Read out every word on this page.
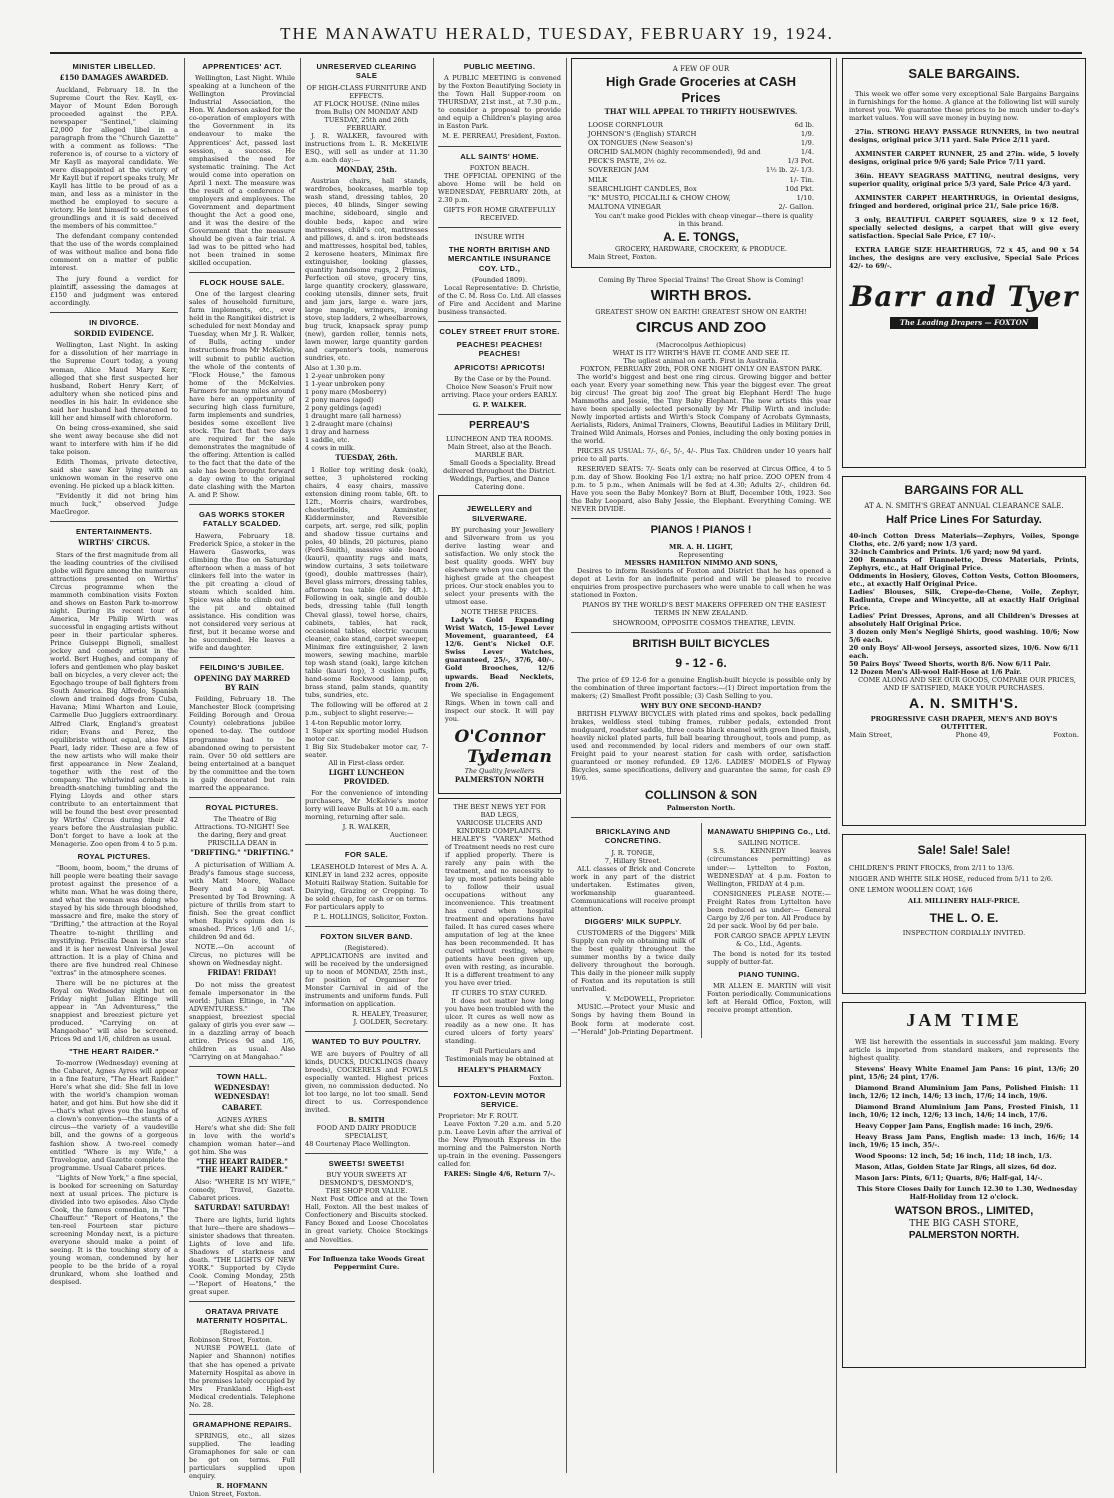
THE MANAWATU HERALD, TUESDAY, FEBRUARY 19, 1924.
MINISTER LIBELLED.
£150 DAMAGES AWARDED.

Auckland, February 18. In the Supreme Court the Rev. Kayll, ex-Mayor of Mount Eden Borough proceeded against the P.P.A. newspaper "Sentinel," claiming £2,000 for alleged libel in a paragraph from the "Church Gazette" with a comment as follows: "The reference is, of course to a victory of Mr Kayll as mayoral candidate. We were disappointed at the victory of Mr Kayll but if report speaks truly, Mr Kayll has little to be proud of as a man, and less as a minister in the method he employed to secure a victory. He lent himself to schemes of groundlings and it is said deceived the members of his committee."

The defendant company contended that the use of the words complained of was without malice and bona fide comment on a matter of public interest.

The jury found a verdict for plaintiff, assessing the damages at £150 and judgment was entered accordingly.

IN DIVORCE.
SORDID EVIDENCE.

Wellington, Last Night. In asking for a dissolution of her marriage in the Supreme Court today, a young woman, Alice Maud Mary Kerr, alleged that she first suspected her husband, Robert Henry Kerr, of adultery when she noticed pins and needles in his hair. In evidence she said her husband had threatened to kill her and himself with chloroform.

On being cross-examined, she said she went away because she did not want to interfere with him if he did take poison.

Edith Thomas, private detective, said she saw Ker lying with an unknown woman in the reserve one evening. He picked up a black kitten.

"Evidently it did not bring him much luck," observed Judge MacGregor.

ENTERTAINMENTS.
WIRTHS' CIRCUS.

Stars of the first magnitude from all the leading countries of the civilised globe will figure among the numerous attractions presented on Wirths' Circus programme when the mammoth combination visits Foxton and shows on Easton Park to-morrow night. During its recent tour of America, Mr Philip Wirth was successful in engaging artists without peer in their particular spheres. Prince Guiseppi Bignoli, smallest jockey and comedy artist in the world. Bert Hughes, and company of lofers and gentlemen who play basket ball on bicycles, a very clever act; the Egochago troupe of ball fighters from South America. Big Alfredo, Spanish clown and trained dogs from Cuba, Havana; Mimi Wharton and Louie, Carmelle Duo Jugglers extraordinary. Alfred Clark, England's greatest rider; Evans and Perez, the equilibriste without equal, also Miss Pearl, lady rider. These are a few of the new artists who will make their first appearance in New Zealand, together with the rest of the company. The whirlwind acrobats in breadth-snatching tumbling and the Flying Lloyds and other stars contribute to an entertainment that will be found the best ever presented by Wirths' Circus during their 42 years before the Australasian public. Don't forget to have a look at the Menagerie. Zoo open from 4 to 5 p.m.

ROYAL PICTURES.

"Boom, boom, boom," the drums of hill people were beating their savage protest against the presence of a white man. What he was doing there, and what the woman was doing who stayed by his side through bloodshed, massacre and fire, make the story of "Drifting," the attraction at the Royal Theatre to-night thrilling and mystifying. Priscilla Dean is the star and it is her newest Universal Jewel attraction. It is a play of China and there are five hundred real Chinese "extras" in the atmosphere scenes.

There will be no pictures at the Royal on Wednesday night but on Friday night Julian Eltinge will appear in "An Adventuress," the snappiest and breeziest picture yet produced. "Carrying on at Mangaohao" will also be screened. Prices 9d and 1/6, children as usual.

"THE HEART RAIDER."

To-morrow (Wednesday) evening at the Cabaret, Agnes Ayres will appear in a fine feature, "The Heart Raider." Here's what she did: She fell in love with the world's champion woman hater, and got him. But how she did it—that's what gives you the laughs of a clown's convention—the stunts of a circus—the variety of a vaudeville bill, and the gowns of a gorgeous fashion show. A two-reel comedy entitled "Where is my Wife," a Travelogue, and Gazette complete the programme. Usual Cabaret prices.

"Lights of New York," a fine special, is booked for screening on Saturday next at usual prices. The picture is divided into two episodes. Also Clyde Cook, the famous comedian, in "The Chauffeur." "Report of Heatons," the ten-reel Fourteen star picture screening Monday next, is a picture everyone should make a point of seeing. It is the touching story of a young woman, condemned by her people to be the bride of a royal drunkard, whom she loathed and despised.

APPRENTICES' ACT.

Wellington, Last Night. While speaking at a luncheon of the Wellington Provincial Industrial Association, the Hon. W. Anderson asked for the co-operation of employers with the Government in its endeavour to make the Apprentices' Act, passed last session, a success. He emphasised the need for systematic training. The Act would come into operation on April 1 next. The measure was the result of a conference of employers and employees. The Government and department thought the Act a good one, and it was the desire of the Government that the measure should be given a fair trial. A lad was to be pitted who had not been trained in some skilled occupation.

FLOCK HOUSE SALE.

One of the largest clearing sales of household furniture, farm implements, etc., ever held in the Rangitikei district is scheduled for next Monday and Tuesday, when Mr J. R. Walker, of Bulls, acting under instructions from Mr McKelvie, will submit to public auction the whole of the contents of "Flock House," the famous home of the McKelvies. Farmers for many miles around have here an opportunity of securing high class furniture, farm implements and sundries, besides some excellent live stock. The fact that two days are required for the sale demonstrates the magnitude of the offering. Attention is called to the fact that the date of the sale has been brought forward a day owing to the original date clashing with the Marton A. and P. Show.

GAS WORKS STOKER FATALLY SCALDED.

Hawera, February 18. Frederick Spice, a stoker in the Hawera Gasworks, was climbing the flue on Saturday afternoon when a mass of hot clinkers fell into the water in the pit creating a cloud of steam which scalded him. Spice was able to climb out of the pit and obtained assistance. His condition was not considered very serious at first, but it became worse and he succumbed. He leaves a wife and daughter.

FEILDING'S JUBILEE.
OPENING DAY MARRED BY RAIN

Feilding, February 18. The Manchester Block (comprising Feilding Borough and Oroua County) celebrations jubilee opened to-day. The outdoor programme had to be abandoned owing to persistent rain. Over 50 old settlers are being entertained at a banquet by the committee and the town is gaily decorated but rain marred the appearance.

ROYAL PICTURES.

The Theatre of Big Attractions. TO-NIGHT! See the daring, fiery and great PRISCILLA DEAN in

"DRIFTING." "DRIFTING."

A picturisation of William A. Brady's famous stage success, with Matt Moore, Wallace Beery and a big cast. Presented by Tod Browning. A picture of thrills from start to finish. See the great conflict when Rapin's opium den is smashed. Prices 1/6 and 1/-, children 9d and 6d.

NOTE.—On account of Circus, no pictures will be shown on Wednesday night.

FRIDAY! FRIDAY!

Do not miss the greatest female impersonator in the world: Julian Eltinge, in "AN ADVENTURESS." The snappiest, breeziest special galaxy of girls you ever saw — in a dazzling array of beach attire. Prices 9d and 1/6, children as usual. Also "Carrying on at Mangahao."

TOWN HALL.
WEDNESDAY! WEDNESDAY!
CABARET.
AGNES AYRES

Here's what she did: She fell in love with the world's champion woman hater—and got him. She was

"THE HEART RAIDER." "THE HEART RAIDER."

Also: "WHERE IS MY WIFE," comedy, Travel, Gazette. Cabaret prices.

SATURDAY! SATURDAY!

There are lights, lurid lights that lure—there are shadows—sinister shadows that threaten. Lights of love and life. Shadows of starkness and death. "THE LIGHTS OF NEW YORK." Supported by Clyde Cook. Coming Monday, 25th—"Report of Heatons," the great super.

ORATAVA PRIVATE MATERNITY HOSPITAL.
[Registered.]
Robinson Street, Foxton.

NURSE POWELL (late of Napier and Shannon) notifies that she has opened a private Maternity Hospital as above in the premises lately occupied by Mrs Frankland. High-est Medical credentials. Telephone No. 28.

GRAMAPHONE REPAIRS.

SPRINGS, etc., all sizes supplied. The leading Gramaphones for sale or can be got on terms. Full particulars supplied upon enquiry.

R. HOFMANN
Union Street, Foxton.
UNRESERVED CLEARING SALE
OF HIGH-CLASS FURNITURE AND EFFECTS.
AT FLOCK HOUSE. (Nine miles from Bulls) ON MONDAY AND TUESDAY, 25th and 26th FEBRUARY.

J. R. WALKER, favoured with instructions from L. R. McKELVIE ESQ., will sell as under at 11.30 a.m. each day:—

MONDAY, 25th.

Austrian chairs, hall stands, wardrobes, bookcases, marble top wash stand, dressing tables, 20 pieces, 40 blinds, Singer sewing machine, sideboard, single and double beds, kapoc and wire mattresses, child's cot, mattresses and pillows, d. and s. iron bedsteads and mattresses, hospital bed, tables, 2 kerosene heaters, Minimax fire extinguisher, looking glasses, quantity handsome rugs, 2 Primus, Perfection oil stove, grocery tins, large quantity crockery, glassware, cooking utensils, dinner sets, fruit and jam jars, large e. ware jars, large mangle, wringers, ironing stove, step ladders, 2 wheelbarrows, bug truck, knapsack spray pump (new), garden roller, tennis nets, lawn mower, large quantity garden and carpenter's tools, numerous sundries, etc.

Also at 1.30 p.m.
1 2-year unbroken pony
1 1-year unbroken pony
1 pony mare (Mosberry)
2 pony mares (aged)
2 pony geldings (aged)
1 draught mare (all harness)
1 2-draught mare (chains)
1 dray and harness
1 saddle, etc.
4 cows in milk.
TUESDAY, 26th.

1 Roller top writing desk (oak), settee, 3 upholstered rocking chairs, 4 easy chairs, massive extension dining room table, 6ft. to 12ft., Morris chairs, wardrobes, chesterfields, Axminster, Kidderminster, and Reversible carpets, art. serge, red silk, poplin and shadow tissue curtains and poles, 40 blinds, 20 pictures, piano (Ford-Smith), massive side board (kauri), quantity rugs and mats, window curtains, 3 sets toiletware (good), double mattresses (hair), Bevel glass mirrors, dressing tables, afternoon tea table (6ft. by 4ft.). Following in oak, single and double beds, dressing table (full length Cheval glass), towel horse, chairs, cabinets, tables, hat rack, occasional tables, electric vacuum cleaner, cake stand, carpet sweeper, Minimax fire extinguisher, 2 lawn mowers, sewing machine, marble top wash stand (oak), large kitchen table (kauri top), 3 cushion puffs, hand-some Rockwood lamp, on brass stand, palm stands, quantity tubs, sundries, etc.

The following will be offered at 2 p.m., subject to slight reserve:—

1 4-ton Republic motor lorry.
1 Super six sporting model Hudson motor car.
1 Big Six Studebaker motor car, 7-seater.
All in First-class order.
LIGHT LUNCHEON PROVIDED.

For the convenience of intending purchasers, Mr McKelvie's motor lorry will leave Bulls at 10 a.m. each morning, returning after sale.

J. R. WALKER,
Auctioneer.
FOR SALE.

LEASEHOLD Interest of Mrs A. A. KINLEY in land 232 acres, opposite Motuiti Railway Station. Suitable for Dairying, Grazing or Cropping. To be sold cheap, for cash or on terms. For particulars apply to

P. L. HOLLINGS, Solicitor, Foxton.
FOXTON SILVER BAND.
(Registered).

APPLICATIONS are invited and will be received by the undersigned up to noon of MONDAY, 25th inst., for position of Organiser for Monster Carnival in aid of the instruments and uniform funds. Full information on application.

R. HEALEY, Treasurer,
J. GOLDER, Secretary.
WANTED TO BUY POULTRY.

WE are buyers of Poultry of all kinds, DUCKS, DUCKLINGS (heavy breeds), COCKERELS and FOWLS especially wanted. Highest prices given, no commission deducted. No lot too large, no lot too small. Send direct to us. Correspondence invited.

B. SMITH
FOOD AND DAIRY PRODUCE SPECIALIST,
48 Courtenay Place Wellington.
SWEETS! SWEETS!
BUY YOUR SWEETS AT DESMOND'S, DESMOND'S,
THE SHOP FOR VALUE.

Next Post Office and at the Town Hall, Foxton. All the best makes of Confectionery and Biscuits stocked. Fancy Boxed and Loose Chocolates in great variety. Choice Stockings and Novelties.

For Influenza take Woods Great Peppermint Cure.
PUBLIC MEETING.

A PUBLIC MEETING is convened by the Foxton Beautifying Society in the Town Hall Supper-room on THURSDAY, 21st inst., at 7.30 p.m., to consider a proposal to provide and equip a Children's playing area in Easton Park.

M. E. PERREAU, President, Foxton.
ALL SAINTS' HOME.
FOXTON BEACH.

THE OFFICIAL OPENING of the above Home will be held on WEDNESDAY, FEBRUARY 20th, at 2.30 p.m.

GIFTS FOR HOME GRATEFULLY RECEIVED.
INSURE WITH
THE NORTH BRITISH AND MERCANTILE INSURANCE COY. LTD.,
(Founded 1809).

Local Representative: D. Christie, of the C. M. Ross Co. Ltd. All classes of Fire and Accident and Marine business transacted.

COLEY STREET FRUIT STORE.
PEACHES! PEACHES! PEACHES!
APRICOTS! APRICOTS!

By the Case or by the Pound. Choice New Season's Fruit now arriving. Place your orders EARLY.

G. P. WALKER.
PERREAU'S
LUNCHEON AND TEA ROOMS.
Main Street, also at the Beach.
MARBLE BAR.

Small Goods a Speciality. Bread delivered throughout the District. Weddings, Parties, and Dance Catering done.

JEWELLERY and SILVERWARE.

BY purchasing your Jewellery and Silverware from us you derive lasting wear and satisfaction. We only stock the best quality goods. WHY buy elsewhere when you can get the highest grade at the cheapest prices. Our stock enables you to select your presents with the utmost ease.

NOTE THESE PRICES.

Lady's Gold Expanding Wrist Watch, 15-Jewel Lever Movement, guaranteed, £4 12/6. Gent's Nickel O.F. Swiss Lever Watches, guaranteed, 25/-, 37/6, 40/-. Gold Brooches, 12/6 upwards. Bead Necklets, from 2/6.

We specialise in Engagement Rings. When in town call and inspect our stock. It will pay you.

O'Connor
Tydeman
The Quality Jewellers
PALMERSTON NORTH
THE BEST NEWS YET FOR BAD LEGS,
VARICOSE ULCERS AND KINDRED COMPLAINTS.

HEALEY'S "VAREX" Method of Treatment needs no rest cure if applied properly. There is rarely any pain with the treatment, and no necessity to lay up, most patients being able to follow their usual occupations without any inconvenience. This treatment has cured when hospital treatment and operations have failed. It has cured cases where amputation of leg at the knee has been recommended. It has cured without resting, where patients have been given up, even with resting, as incurable. It is a different treatment to any you have ever tried.

IT CURES TO STAY CURED.

It does not matter how long you have been troubled with the ulcer. It cures as well now as readily as a new one. It has cured ulcers of forty years' standing.

Full Particulars and Testimonials may be obtained at

HEALEY'S PHARMACY
Foxton.
FOXTON-LEVIN MOTOR SERVICE.
Proprietor: Mr F. ROUT.

Leave Foxton 7.20 a.m. and 5.20 p.m. Leave Levin after the arrival of the New Plymouth Express in the morning and the Palmerston North up-train in the evening. Passengers called for.

FARES: Single 4/6, Return 7/-.
A FEW OF OUR
High Grade Groceries at CASH Prices
THAT WILL APPEAL TO THRIFTY HOUSEWIVES.
LOOSE CORNFLOUR	6d lb.
JOHNSON'S (English) STARCH	1/9.
OX TONGUES (New Season's)	1/9.
ORCHID SALMON (highly recommended), 9d and	1/4.
PECK'S PASTE, 2½ oz.	1/3 Pot.
SOVEREIGN JAM	1½ lb. 2/- 1/3.
MILK	1/- Tin.
SEARCHLIGHT CANDLES, Box	10d Pkt.
"K" MUSTO, PICCALILI & CHOW CHOW,	1/10.
MALTONA VINEGAR	2/- Gallon.

You can't make good Pickles with cheap vinegar—there is quality in this brand.

A. E. TONGS,
GROCERY, HARDWARE, CROCKERY, & PRODUCE.
Main Street, Foxton.
Coming By Three Special Trains! The Great Show is Coming!
WIRTH BROS.
GREATEST SHOW ON EARTH! GREATEST SHOW ON EARTH!
CIRCUS AND ZOO
(Macrocolpus Aethiopicus)
WHAT IS IT? WIRTH'S HAVE IT. COME AND SEE IT.
The ugliest animal on earth. First in Australia.
FOXTON, FEBRUARY 20th, FOR ONE NIGHT ONLY ON EASTON PARK.

The world's biggest and best one ring circus. Growing bigger and better each year. Every year something new. This year the biggest ever. The great big circus! The great big zoo! The great big Elephant Herd! The huge Mammoths and Jessie, the Tiny Baby Elephant. The new artists this year have been specially selected personally by Mr Philip Wirth and include: Newly imported artists and Wirth's Stock Company of Acrobats Gymnasts, Aerialists, Riders, Animal Trainers, Clowns, Beautiful Ladies in Military Drill, Trained Wild Animals, Horses and Ponies, including the only boxing ponies in the world.

PRICES AS USUAL: 7/-, 6/-, 5/-, 4/-. Plus Tax. Children under 10 years half price to all parts.

RESERVED SEATS: 7/- Seats only can be reserved at Circus Office, 4 to 5 p.m. day of Show. Booking Fee 1/1 extra; no half price. ZOO OPEN from 4 p.m. to 5 p.m., when Animals will be fed at 4.30; Adults 2/-, children 6d. Have you seen the Baby Monkey? Born at Bluff, December 10th, 1923. See the Baby Leopard, also Baby Jessie, the Elephant. Everything Coming. WE NEVER DIVIDE.

PIANOS ! PIANOS !
MR. A. H. LIGHT,
Representing
MESSRS HAMILTON NIMMO AND SONS,

Desires to inform Residents of Foxton and District that he has opened a depot at Levin for an indefinite period and will be pleased to receive enquiries from prospective purchasers who were unable to call when he was stationed in Foxton.

PIANOS BY THE WORLD'S BEST MAKERS OFFERED ON THE EASIEST TERMS IN NEW ZEALAND.

SHOWROOM, OPPOSITE COSMOS THEATRE, LEVIN.

BRITISH BUILT BICYCLES
9 - 12 - 6.

The price of £9 12-6 for a genuine English-built bicycle is possible only by the combination of three important factors:—(1) Direct importation from the makers; (2) Smallest Profit possible; (3) Cash Selling to you.

WHY BUY ONE SECOND-HAND?

BRITISH FLYWAY BICYCLES with plated rims and spokes, back pedalling brakes, weldless steel tubing frames, rubber pedals, extended front mudguard, roadster saddle, three coats black enamel with green lined finish, heavily nickel plated parts, full ball bearing throughout, tools and pump, as used and recommended by local riders and members of our own staff. Freight paid to your nearest station for cash with order, satisfaction guaranteed or money refunded. £9 12/6. LADIES' MODELS of Flyway Bicycles, same specifications, delivery and guarantee the same, for cash £9 19/6.

COLLINSON & SON
Palmerston North.
BRICKLAYING AND CONCRETING.
J. R. TONGE,
7, Hillary Street.

ALL classes of Brick and Concrete work in any part of the district undertaken. Estimates given, workmanship guaranteed. Communications will receive prompt attention.

DIGGERS' MILK SUPPLY.

CUSTOMERS of the Diggers' Milk Supply can rely on obtaining milk of the best quality throughout the summer months by a twice daily delivery throughout the borough. This daily in the pioneer milk supply of Foxton and its reputation is still unrivalled.

V. McDOWELL, Proprietor.

MUSIC.—Protect your Music and Songs by having them Bound in Book form at moderate cost.—"Herald" Job-Printing Department.

MANAWATU SHIPPING Co., Ltd.
SAILING NOTICE.

S.S. KENNEDY leaves (circumstances permitting) as under:— Lyttelton to Foxton, WEDNESDAY at 4 p.m. Foxton to Wellington, FRIDAY at 4 p.m.

CONSIGNEES PLEASE NOTE:— Freight Rates from Lyttelton have been reduced as under:— General Cargo by 2/6 per ton. All Produce by 2d per sack. Wool by 6d per bale.

FOR CARGO SPACE APPLY LEVIN & Co., Ltd., Agents.

The bond is noted for its tested supply of butter-fat.

PIANO TUNING.

MR ALLEN E. MARTIN will visit Foxton periodically. Communications left at Herald Office, Foxton, will receive prompt attention.

SALE BARGAINS.

This week we offer some very exceptional Sale Bargains Bargains in furnishings for the home. A glance at the following list will surely interest you. We guarantee these prices to be much under to-day's market values. You will save money in buying now.

27in. STRONG HEAVY PASSAGE RUNNERS, in two neutral designs, original price 3/11 yard. Sale Price 2/11 yard.

AXMINSTER CARPET RUNNER, 25 and 27in. wide, 5 lovely designs, original price 9/6 yard; Sale Price 7/11 yard.

36in. HEAVY SEAGRASS MATTING, neutral designs, very superior quality, original price 5/3 yard, Sale Price 4/3 yard.

AXMINSTER CARPET HEARTHRUGS, in Oriental designs, fringed and bordered, original price 21/, Sale price 16/8.

3 only, BEAUTIFUL CARPET SQUARES, size 9 x 12 feet, specially selected designs, a carpet that will give every satisfaction. Special Sale Price, £7 10/-.

EXTRA LARGE SIZE HEARTHRUGS, 72 x 45, and 90 x 54 inches, the designs are very exclusive, Special Sale Prices 42/- to 69/-.

Barr and Tyer
The Leading Drapers — FOXTON
BARGAINS FOR ALL
AT A. N. SMITH'S GREAT ANNUAL CLEARANCE SALE.
Half Price Lines For Saturday.
40-inch Cotton Dress Materials—Zephyrs, Voiles, Sponge Cloths, etc. 2/6 yard; now 1/3 yard.
32-inch Cambrics and Prints. 1/6 yard; now 9d yard.
200 Remnants of Flannelette, Dress Materials, Prints, Zephyrs, etc., at Half Original Price.
Oddments in Hosiery, Gloves, Cotton Vests, Cotton Bloomers, etc., at exactly Half Original Price.
Ladies' Blouses, Silk, Crepe-de-Chene, Voile, Zephyr, Radiunta, Crepe and Wincyette, all at exactly Half Original Price.
Ladies' Print Dresses, Aprons, and all Children's Dresses at absolutely Half Original Price.
3 dozen only Men's Negligé Shirts, good washing. 10/6; Now 5/6 each.
20 only Boys' All-wool Jerseys, assorted sizes, 10/6. Now 6/11 each.
50 Pairs Boys' Tweed Shorts, worth 8/6. Now 6/11 Pair.
12 Dozen Men's All-wool Half-Hose at 1/6 Pair.

COME ALONG AND SEE OUR GOODS, COMPARE OUR PRICES, AND IF SATISFIED, MAKE YOUR PURCHASES.

A. N. SMITH'S.
PROGRESSIVE CASH DRAPER, MEN'S AND BOY'S OUTFITTER.
Main Street,	Phone 49,	Foxton.
Sale! Sale! Sale!
CHILDREN'S PRINT FROCKS, from 2/11 to 13/6.
NIGGER AND WHITE SILK HOSE, reduced from 5/11 to 2/6.
ONE LEMON WOOLLEN COAT, 16/6
ALL MILLINERY HALF-PRICE.
THE L. O. E.
INSPECTION CORDIALLY INVITED.
JAM TIME

WE list herewith the essentials in successful jam making. Every article is imported from standard makers, and represents the highest quality.

Stevens' Heavy White Enamel Jam Pans: 16 pint, 13/6; 20 pint, 15/6; 24 pint, 17/6.

Diamond Brand Aluminium Jam Pans, Polished Finish: 11 inch, 12/6; 12 inch, 14/6; 13 inch, 17/6; 14 inch, 19/6.

Diamond Brand Aluminium Jam Pans, Frosted Finish, 11 inch, 10/6; 12 inch, 12/6; 13 inch, 14/6; 14 inch, 17/6.

Heavy Copper Jam Pans, English made: 16 inch, 29/6.

Heavy Brass Jam Pans, English made: 13 inch, 16/6; 14 inch, 19/6; 15 inch, 35/-.

Wood Spoons: 12 inch, 5d; 16 inch, 11d; 18 inch, 1/3.

Mason, Atlas, Golden State Jar Rings, all sizes, 6d doz.

Mason Jars: Pints, 6/11; Quarts, 8/6; Half-gal, 14/-.

This Store Closes Daily for Lunch 12.30 to 1.30, Wednesday Half-Holiday from 12 o'clock.

WATSON BROS., LIMITED,
THE BIG CASH STORE,
PALMERSTON NORTH.
